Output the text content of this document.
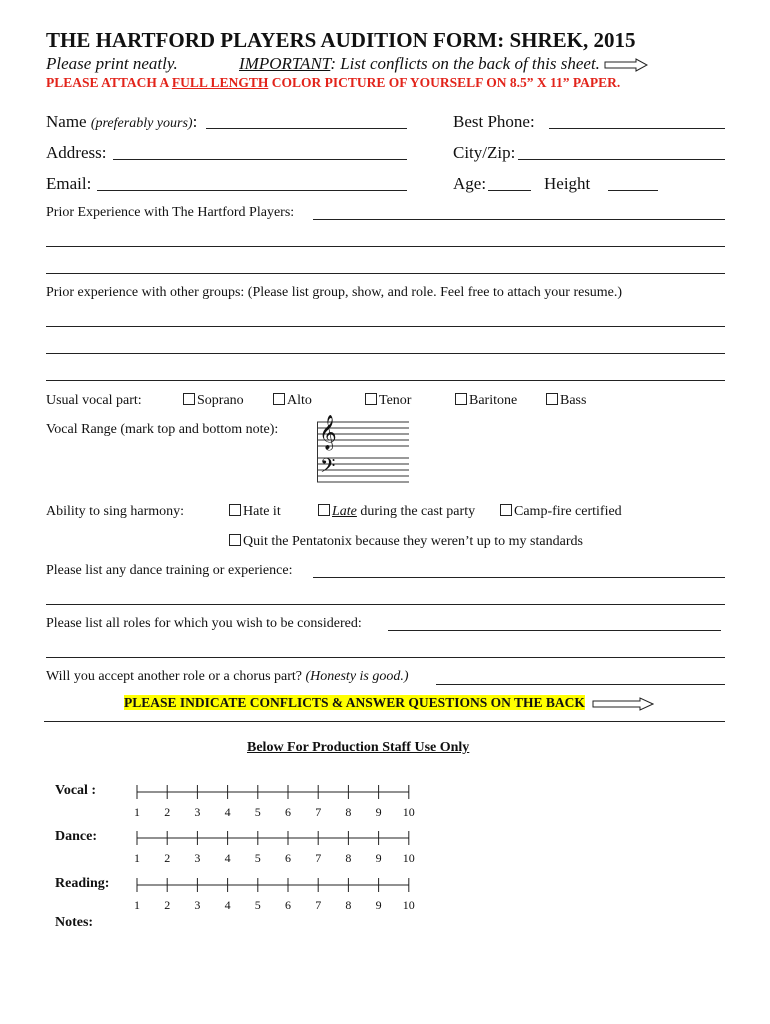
THE HARTFORD PLAYERS AUDITION FORM: SHREK, 2015
Please print neatly.	IMPORTANT: List conflicts on the back of this sheet.
PLEASE ATTACH A FULL LENGTH COLOR PICTURE OF YOURSELF ON 8.5” X 11” PAPER.
Name (preferably yours):	Best Phone:
Address:	City/Zip:
Email:	Age:	Height
Prior Experience with The Hartford Players:
Prior experience with other groups: (Please list group, show, and role. Feel free to attach your resume.)
Usual vocal part:	Soprano	Alto	Tenor	Baritone	Bass
Vocal Range (mark top and bottom note): 𝄞
𝄢
Ability to sing harmony:	Hate it	Late during the cast party	Camp-fire certified
Quit the Pentatonix because they weren’t up to my standards
Please list any dance training or experience:
Please list all roles for which you wish to be considered:
Will you accept another role or a chorus part? (Honesty is good.)
PLEASE INDICATE CONFLICTS & ANSWER QUESTIONS ON THE BACK
Below For Production Staff Use Only
Vocal :
1	2	3	4	5	6	7	8	9	10
Dance:
1	2	3	4	5	6	7	8	9	10
Reading:
1	2	3	4	5	6	7	8	9	10
Notes:
